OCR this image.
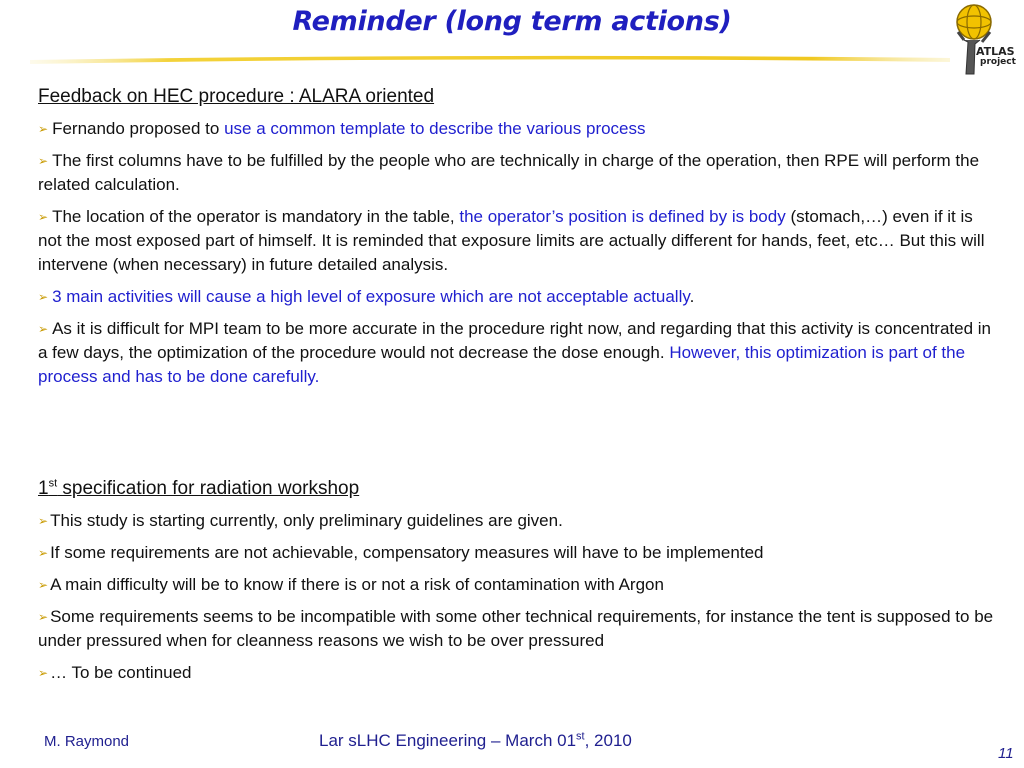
Reminder (long term actions)
ATLAS
project
Feedback on HEC procedure : ALARA oriented
➢ Fernando proposed to use a common template to describe the various process
➢ The first columns have to be fulfilled by the people who are technically in charge of the operation, then RPE will perform the related calculation.
➢ The location of the operator is mandatory in the table, the operator’s position is defined by is body (stomach,…) even if it is not the most exposed part of himself. It is reminded that exposure limits are actually different for hands, feet, etc… But this will intervene (when necessary) in future detailed analysis.
➢ 3 main activities will cause a high level of exposure which are not acceptable actually.
➢ As it is difficult for MPI team to be more accurate in the procedure right now, and regarding that this activity is concentrated in a few days, the optimization of the procedure would not decrease the dose enough. However, this optimization is part of the process and has to be done carefully.
1st specification for radiation workshop
➢ This study is starting currently, only preliminary guidelines are given.
➢ If some requirements are not achievable, compensatory measures will have to be implemented
➢ A main difficulty will be to know if there is or not a risk of contamination with Argon
➢ Some requirements seems to be incompatible with some other technical requirements, for instance the tent is supposed to be under pressured when for cleanness reasons we wish to be over pressured
➢ … To be continued
M. Raymond	Lar sLHC Engineering – March 01st, 2010
11
